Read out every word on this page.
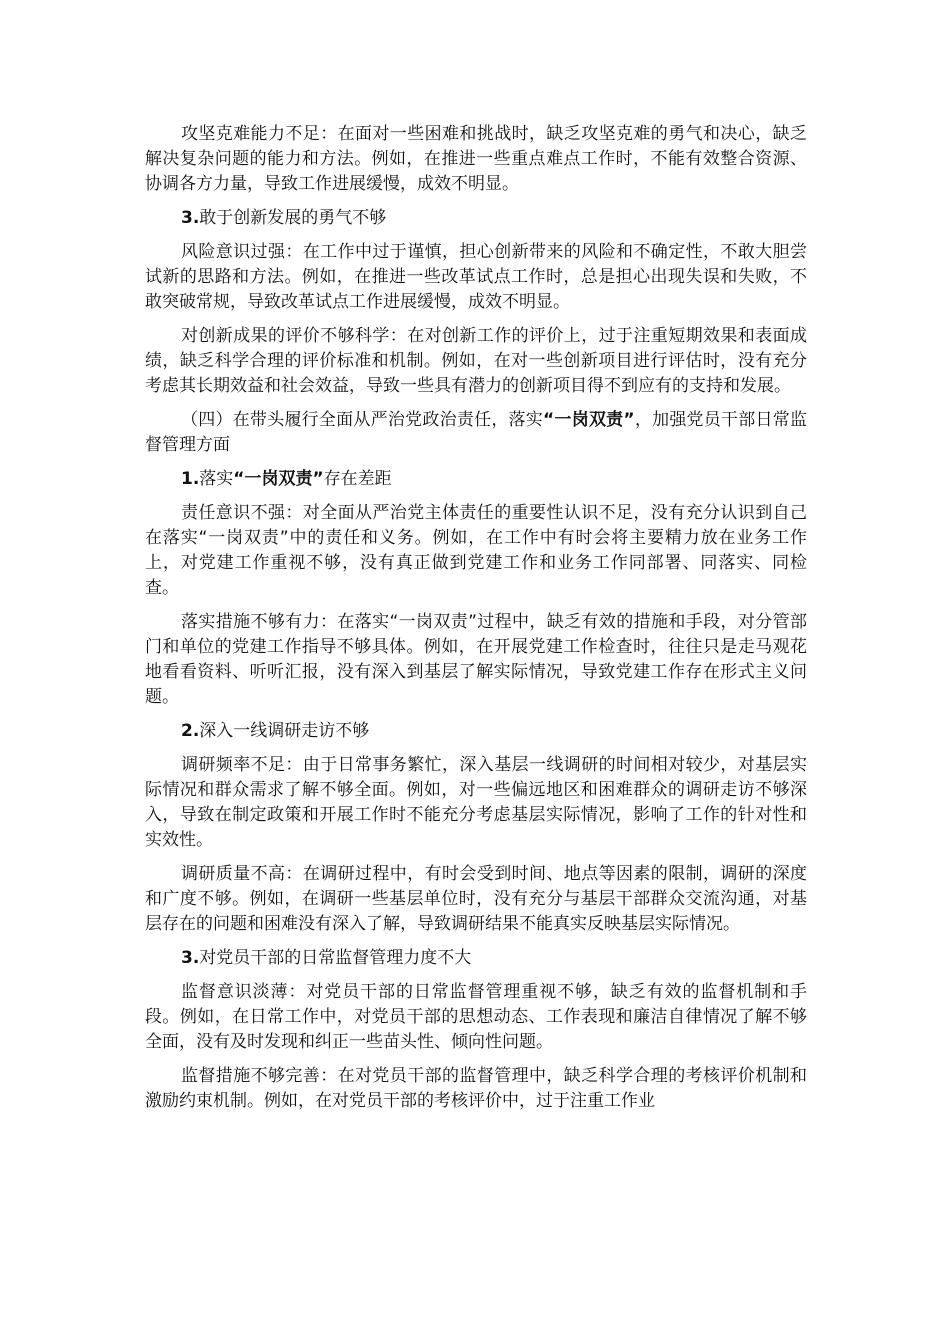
攻坚克难能力不足：在面对一些困难和挑战时，缺乏攻坚克难的勇气和决心，缺乏解决复杂问题的能力和方法。例如，在推进一些重点难点工作时，不能有效整合资源、协调各方力量，导致工作进展缓慢，成效不明显。

3.敢于创新发展的勇气不够

风险意识过强：在工作中过于谨慎，担心创新带来的风险和不确定性，不敢大胆尝试新的思路和方法。例如，在推进一些改革试点工作时，总是担心出现失误和失败，不敢突破常规，导致改革试点工作进展缓慢，成效不明显。

对创新成果的评价不够科学：在对创新工作的评价上，过于注重短期效果和表面成绩，缺乏科学合理的评价标准和机制。例如，在对一些创新项目进行评估时，没有充分考虑其长期效益和社会效益，导致一些具有潜力的创新项目得不到应有的支持和发展。

（四）在带头履行全面从严治党政治责任，落实“一岗双责”，加强党员干部日常监督管理方面

1.落实“一岗双责”存在差距

责任意识不强：对全面从严治党主体责任的重要性认识不足，没有充分认识到自己在落实“一岗双责”中的责任和义务。例如，在工作中有时会将主要精力放在业务工作上，对党建工作重视不够，没有真正做到党建工作和业务工作同部署、同落实、同检查。

落实措施不够有力：在落实“一岗双责”过程中，缺乏有效的措施和手段，对分管部门和单位的党建工作指导不够具体。例如，在开展党建工作检查时，往往只是走马观花地看看资料、听听汇报，没有深入到基层了解实际情况，导致党建工作存在形式主义问题。

2.深入一线调研走访不够

调研频率不足：由于日常事务繁忙，深入基层一线调研的时间相对较少，对基层实际情况和群众需求了解不够全面。例如，对一些偏远地区和困难群众的调研走访不够深入，导致在制定政策和开展工作时不能充分考虑基层实际情况，影响了工作的针对性和实效性。

调研质量不高：在调研过程中，有时会受到时间、地点等因素的限制，调研的深度和广度不够。例如，在调研一些基层单位时，没有充分与基层干部群众交流沟通，对基层存在的问题和困难没有深入了解，导致调研结果不能真实反映基层实际情况。

3.对党员干部的日常监督管理力度不大

监督意识淡薄：对党员干部的日常监督管理重视不够，缺乏有效的监督机制和手段。例如，在日常工作中，对党员干部的思想动态、工作表现和廉洁自律情况了解不够全面，没有及时发现和纠正一些苗头性、倾向性问题。

监督措施不够完善：在对党员干部的监督管理中，缺乏科学合理的考核评价机制和激励约束机制。例如，在对党员干部的考核评价中，过于注重工作业
